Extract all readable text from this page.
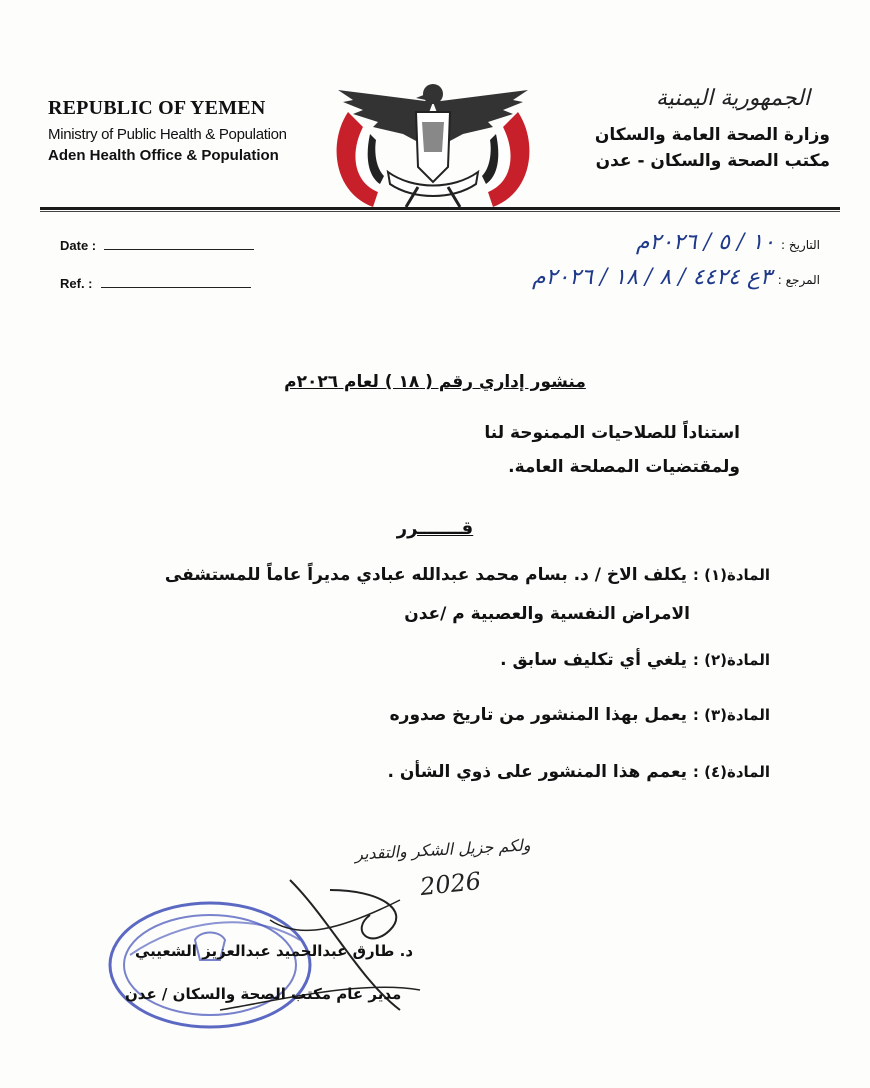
REPUBLIC OF YEMEN
Ministry of Public Health & Population
Aden Health Office & Population
الجمهورية اليمنية
وزارة الصحة العامة والسكان
مكتب الصحة والسكان - عدن
Date :
Ref. :
التاريخ :١٠ / ٥ / ٢٠٢٦م
المرجع :٣ع ٤٤٢٤ / ٨ / ١٨ / ٢٠٢٦م
منشور إداري رقم ( ١٨ ) لعام ٢٠٢٦م
استناداً للصلاحيات الممنوحة لنا
ولمقتضيات المصلحة العامة.
قـــــــرر
المادة(١) : يكلف الاخ / د. بسام محمد عبدالله عبادي مديراً عاماً للمستشفى
الامراض النفسية والعصبية م /عدن
المادة(٢) : يلغي أي تكليف سابق .
المادة(٣) : يعمل بهذا المنشور من تاريخ صدوره
المادة(٤) : يعمم هذا المنشور على ذوي الشأن .
ولكم جزيل الشكر والتقدير
2026
د. طارق عبدالحميد عبدالعزيز الشعيبي
مدير عام مكتب الصحة والسكان / عدن
